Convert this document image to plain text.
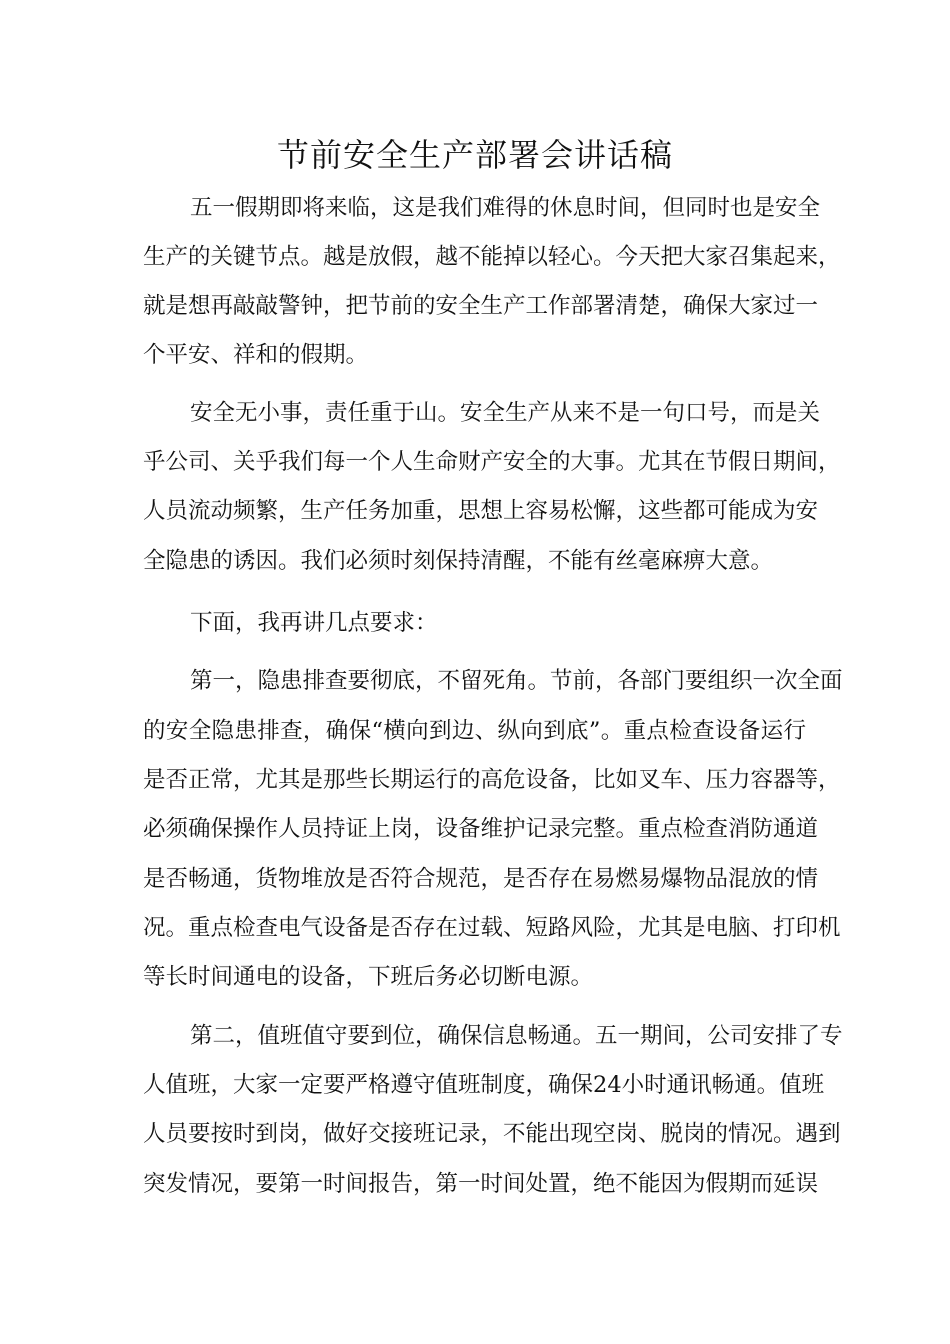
节前安全生产部署会讲话稿
五一假期即将来临，这是我们难得的休息时间，但同时也是安全
生产的关键节点。越是放假，越不能掉以轻心。今天把大家召集起来，
就是想再敲敲警钟，把节前的安全生产工作部署清楚，确保大家过一
个平安、祥和的假期。
安全无小事，责任重于山。安全生产从来不是一句口号，而是关
乎公司、关乎我们每一个人生命财产安全的大事。尤其在节假日期间，
人员流动频繁，生产任务加重，思想上容易松懈，这些都可能成为安
全隐患的诱因。我们必须时刻保持清醒，不能有丝毫麻痹大意。
下面，我再讲几点要求：
第一，隐患排查要彻底，不留死角。节前，各部门要组织一次全面
的安全隐患排查，确保“横向到边、纵向到底”。重点检查设备运行
是否正常，尤其是那些长期运行的高危设备，比如叉车、压力容器等，
必须确保操作人员持证上岗，设备维护记录完整。重点检查消防通道
是否畅通，货物堆放是否符合规范，是否存在易燃易爆物品混放的情
况。重点检查电气设备是否存在过载、短路风险，尤其是电脑、打印机
等长时间通电的设备，下班后务必切断电源。
第二，值班值守要到位，确保信息畅通。五一期间，公司安排了专
人值班，大家一定要严格遵守值班制度，确保24小时通讯畅通。值班
人员要按时到岗，做好交接班记录，不能出现空岗、脱岗的情况。遇到
突发情况，要第一时间报告，第一时间处置，绝不能因为假期而延误
